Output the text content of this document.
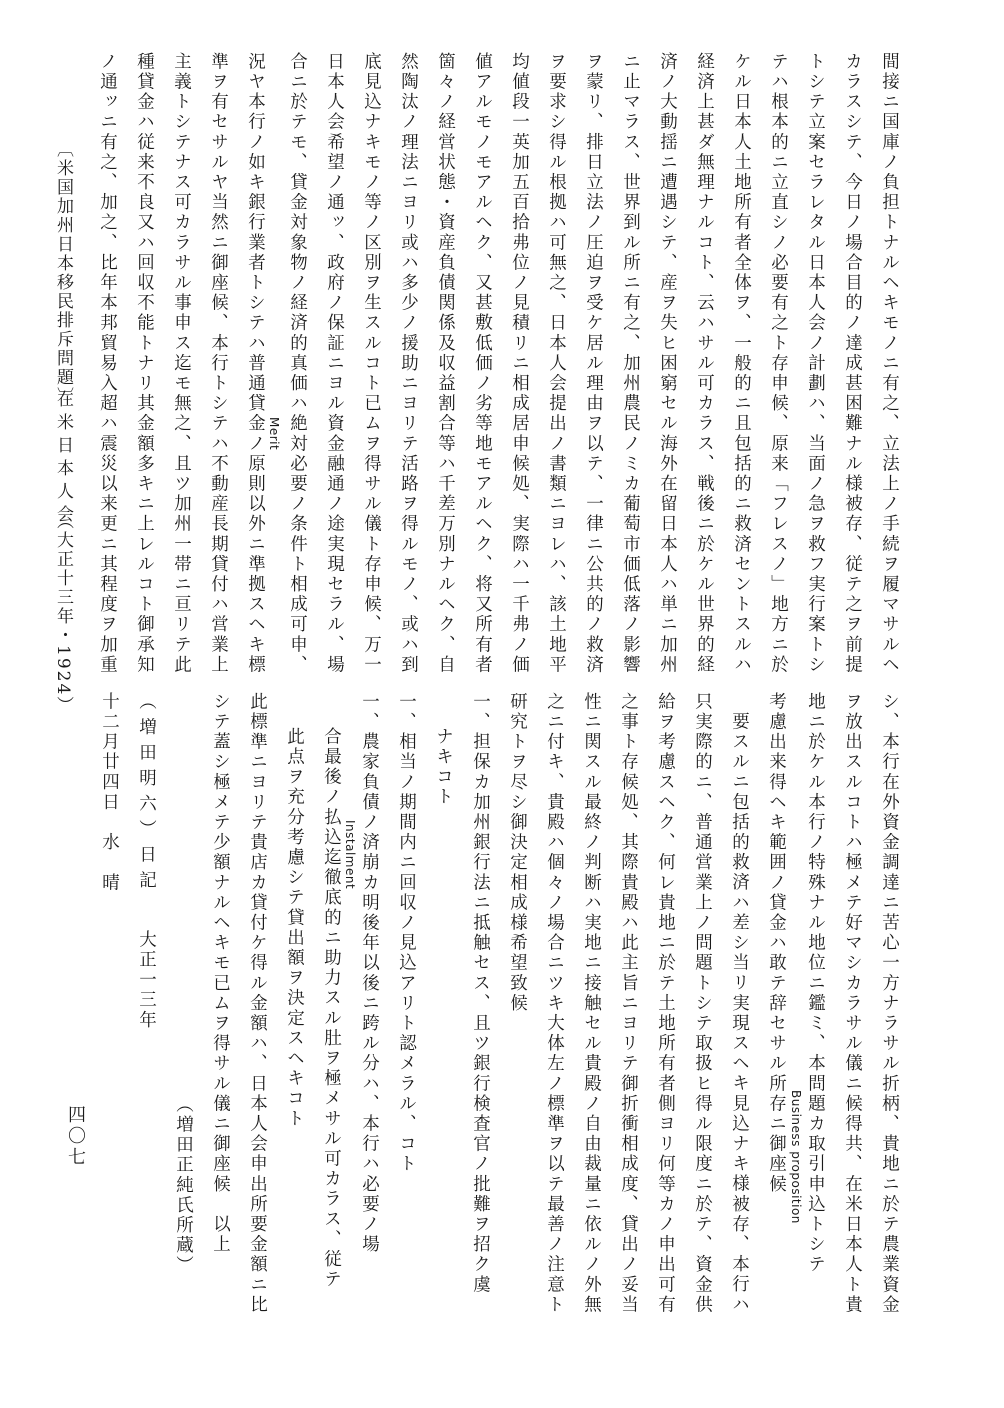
四〇七
間接ニ国庫ノ負担トナルヘキモノニ有之、立法上ノ手続ヲ履マサルヘ
カラスシテ、今日ノ場合目的ノ達成甚困難ナル様被存、従テ之ヲ前提
トシテ立案セラレタル日本人会ノ計劃ハ、当面ノ急ヲ救フ実行案トシ
テハ根本的ニ立直シノ必要有之ト存申候、原来「フレスノ」地方ニ於
ケル日本人土地所有者全体ヲ、一般的ニ且包括的ニ救済セントスルハ
経済上甚ダ無理ナルコト、云ハサル可カラス、戦後ニ於ケル世界的経
済ノ大動揺ニ遭遇シテ、産ヲ失ヒ困窮セル海外在留日本人ハ単ニ加州
ニ止マラス、世界到ル所ニ有之、加州農民ノミカ葡萄市価低落ノ影響
ヲ蒙リ、排日立法ノ圧迫ヲ受ケ居ル理由ヲ以テ、一律ニ公共的ノ救済
ヲ要求シ得ル根拠ハ可無之、日本人会提出ノ書類ニヨレハ、該土地平
均値段一英加五百拾弗位ノ見積リニ相成居申候処、実際ハ一千弗ノ価
値アルモノモアルヘク、又甚敷低価ノ劣等地モアルヘク、将又所有者
箇々ノ経営状態・資産負債関係及収益割合等ハ千差万別ナルヘク、自
然陶汰ノ理法ニヨリ或ハ多少ノ援助ニヨリテ活路ヲ得ルモノ、或ハ到
底見込ナキモノ等ノ区別ヲ生スルコト已ムヲ得サル儀ト存申候、万一
日本人会希望ノ通ッ、政府ノ保証ニヨル資金融通ノ途実現セラル、場
合ニ於テモ、貸金対象物ノ経済的真価ハ絶対必要ノ条件ト相成可申、
Merit
況ヤ本行ノ如キ銀行業者トシテハ普通貸金ノ原則以外ニ準拠スヘキ標
準ヲ有セサルヤ当然ニ御座候、本行トシテハ不動産長期貸付ハ営業上
主義トシテナス可カラサル事申ス迄モ無之、且ツ加州一帯ニ亘リテ此
種貸金ハ従来不良又ハ回収不能トナリ其金額多キニ上レルコト御承知
ノ通ッニ有之、加之、比年本邦貿易入超ハ震災以来更ニ其程度ヲ加重
〔米国加州日本移民排斥問題〕
在米日本人会
（大正十三年・1924）
シ、本行在外資金調達ニ苦心一方ナラサル折柄、貴地ニ於テ農業資金
ヲ放出スルコトハ極メテ好マシカラサル儀ニ候得共、在米日本人ト貴
地ニ於ケル本行ノ特殊ナル地位ニ鑑ミ、本問題カ取引申込トシテ
Business proposition
考慮出来得ヘキ範囲ノ貸金ハ敢テ辞セサル所存ニ御座候
要スルニ包括的救済ハ差シ当リ実現スヘキ見込ナキ様被存、本行ハ
只実際的ニ、普通営業上ノ問題トシテ取扱ヒ得ル限度ニ於テ、資金供
給ヲ考慮スヘク、何レ貴地ニ於テ土地所有者側ヨリ何等カノ申出可有
之事ト存候処、其際貴殿ハ此主旨ニヨリテ御折衝相成度、貸出ノ妥当
性ニ関スル最終ノ判断ハ実地ニ接触セル貴殿ノ自由裁量ニ依ルノ外無
之ニ付キ、貴殿ハ個々ノ場合ニツキ大体左ノ標準ヲ以テ最善ノ注意ト
研究トヲ尽シ御決定相成様希望致候
一、担保カ加州銀行法ニ抵触セス、且ツ銀行検査官ノ批難ヲ招ク虞
ナキコト
一、相当ノ期間内ニ回収ノ見込アリト認メラル、コト
一、農家負債ノ済崩カ明後年以後ニ跨ル分ハ、本行ハ必要ノ場
Instalment
合最後ノ払込迄徹底的ニ助力スル肚ヲ極メサル可カラス、従テ
此点ヲ充分考慮シテ貸出額ヲ決定スヘキコト
此標準ニヨリテ貴店カ貸付ケ得ル金額ハ、日本人会申出所要金額ニ比
シテ蓋シ極メテ少額ナルヘキモ已ムヲ得サル儀ニ御座候　以上
（増田正純氏所蔵）
（増田明六）日記
大正一三年
十二月廿四日　水　晴
